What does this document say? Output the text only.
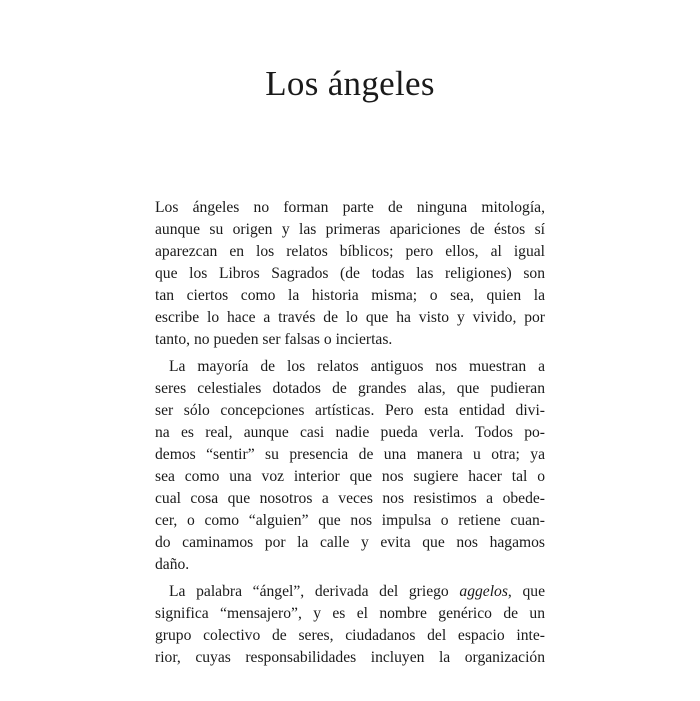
Los ángeles
Los ángeles no forman parte de ninguna mitología,
aunque su origen y las primeras apariciones de éstos sí
aparezcan en los relatos bíblicos; pero ellos, al igual
que los Libros Sagrados (de todas las religiones) son
tan ciertos como la historia misma; o sea, quien la
escribe lo hace a través de lo que ha visto y vivido, por
tanto, no pueden ser falsas o inciertas.
La mayoría de los relatos antiguos nos muestran a
seres celestiales dotados de grandes alas, que pudieran
ser sólo concepciones artísticas. Pero esta entidad divi-
na es real, aunque casi nadie pueda verla. Todos po-
demos “sentir” su presencia de una manera u otra; ya
sea como una voz interior que nos sugiere hacer tal o
cual cosa que nosotros a veces nos resistimos a obede-
cer, o como “alguien” que nos impulsa o retiene cuan-
do caminamos por la calle y evita que nos hagamos
daño.
La palabra “ángel”, derivada del griego aggelos, que
significa “mensajero”, y es el nombre genérico de un
grupo colectivo de seres, ciudadanos del espacio inte-
rior, cuyas responsabilidades incluyen la organización
